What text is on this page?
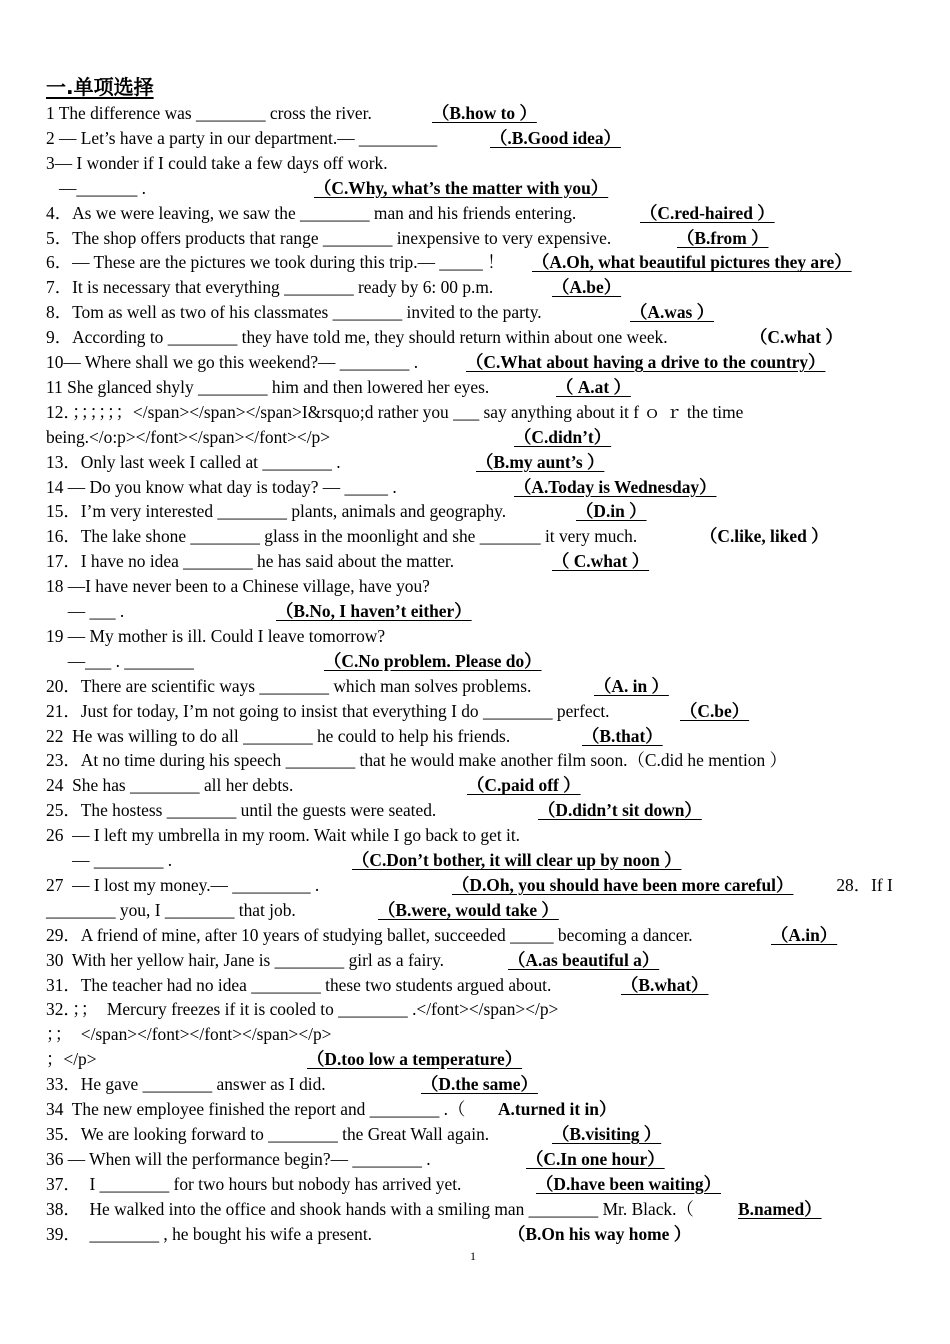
一.单项选择
1 The difference was ________ cross the river.	（B.how to ）
2 — Let’s have a party in our department.— _________	（.B.Good idea）
3— I wonder if I could take a few days off work.
—_______ .	（C.Why, what’s the matter with you）
4．As we were leaving, we saw the ________ man and his friends entering.	（C.red-haired ）
5．The shop offers products that range ________ inexpensive to very expensive.	（B.from ）
6．— These are the pictures we took during this trip.— _____ ！ （A.Oh, what beautiful pictures they are）
7．It is necessary that everything ________ ready by 6: 00 p.m.	（A.be）
8．Tom as well as two of his classmates ________ invited to the party.	（A.was ）
9．According to ________ they have told me, they should return within about one week.	（C.what ）
10— Where shall we go this weekend?— ________ .	（C.What about having a drive to the country）
11 She glanced shyly ________ him and then lowered her eyes.	（ A.at ）
12．；；；；；；</span></span></span>I&rsquo;d rather you ___ say anything about it f ｏ ｒ the time
being.</o:p></font></span></font></p>	（C.didn’t）
13．Only last week I called at ________ .	（B.my aunt’s ）
14 — Do you know what day is today? — _____ .	（A.Today is Wednesday）
15．I’m very interested ________ plants, animals and geography.	（D.in ）
16．The lake shone ________ glass in the moonlight and she _______ it very much.	（C.like, liked ）
17．I have no idea ________ he has said about the matter.	（ C.what ）
18 —I have never been to a Chinese village, have you?
— ___ .	（B.No, I haven’t either）
19 — My mother is ill. Could I leave tomorrow?
—___ . ________	（C.No problem. Please do）
20．There are scientific ways ________ which man solves problems.	（A. in ）
21．Just for today, I’m not going to insist that everything I do ________ perfect.	（C.be）
22  He was willing to do all ________ he could to help his friends.	（B.that）
23．At no time during his speech ________ that he would make another film soon.（C.did he mention ）
24  She has ________ all her debts.	（C.paid off ）
25．The hostess ________ until the guests were seated.	（D.didn’t sit down）
26  — I left my umbrella in my room. Wait while I go back to get it.
— ________ .	（C.Don’t bother, it will clear up by noon ）
27  — I lost my money.— _________ .	（D.Oh, you should have been more careful） 28．If I
________ you, I ________ that job.	（B.were, would take ）
29．A friend of mine, after 10 years of studying ballet, succeeded _____ becoming a dancer.	（A.in）
30  With her yellow hair, Jane is ________ girl as a fairy.	（A.as beautiful a）
31．The teacher had no idea ________ these two students argued about.	（B.what）
32．；；  Mercury freezes if it is cooled to ________ .</font></span></p>
；；  </span></font></font></span></p>
；</p>	（D.too low a temperature）
33．He gave ________ answer as I did.	（D.the same）
34  The new employee finished the report and ________ .（ A.turned it in）
35．We are looking forward to ________ the Great Wall again.	（B.visiting ）
36 — When will the performance begin?— ________ .	（C.In one hour）
37．  I ________ for two hours but nobody has arrived yet.	（D.have been waiting）
38．  He walked into the office and shook hands with a smiling man ________ Mr. Black.（	B.named）
39．  ________ , he bought his wife a present.	（B.On his way home ）
1
